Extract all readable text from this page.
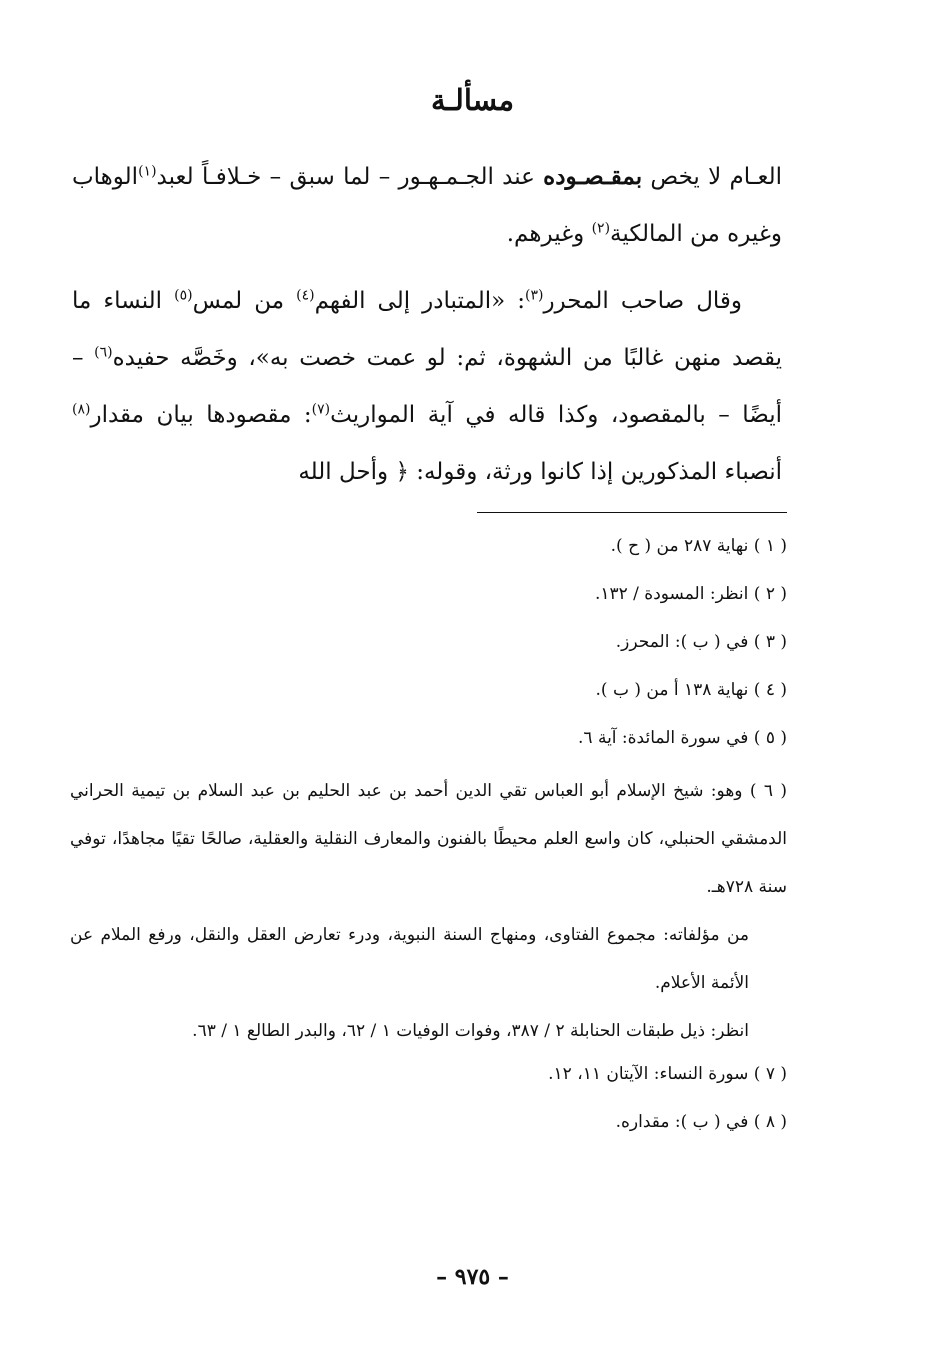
مسألـة

العـام لا يخص بمقـصـوده عند الجـمـهـور – لما سبق – خـلافـاً لعبد$^{(١)}$الوهاب وغيره من المالكية$^{(٢)}$ وغيرهم.

وقال صاحب المحرر$^{(٣)}$: «المتبادر إلى الفهم$^{(٤)}$ من لمس$^{(٥)}$ النساء ما يقصد منهن غالبًا من الشهوة، ثم: لو عمت خصت به»، وخَصَّه حفيده$^{(٦)}$ – أيضًا – بالمقصود، وكذا قاله في آية المواريث$^{(٧)}$: مقصودها بيان مقدار$^{(٨)}$ أنصباء المذكورين إذا كانوا ورثة، وقوله: ﴿ وأحل الله

( ١ ) نهاية ٢٨٧ من ( ح ).

( ٢ ) انظر: المسودة / ١٣٢.

( ٣ ) في ( ب ): المحرز.

( ٤ ) نهاية ١٣٨ أ من ( ب ).

( ٥ ) في سورة المائدة: آية ٦.

( ٦ ) وهو: شيخ الإسلام أبو العباس تقي الدين أحمد بن عبد الحليم بن عبد السلام بن تيمية الحراني الدمشقي الحنبلي، كان واسع العلم محيطًا بالفنون والمعارف النقلية والعقلية، صالحًا تقيًا مجاهدًا، توفي سنة ٧٢٨هـ.

من مؤلفاته: مجموع الفتاوى، ومنهاج السنة النبوية، ودرء تعارض العقل والنقل، ورفع الملام عن الأئمة الأعلام.

انظر: ذيل طبقات الحنابلة ٢ / ٣٨٧، وفوات الوفيات ١ / ٦٢، والبدر الطالع ١ / ٦٣.

( ٧ ) سورة النساء: الآيتان ١١، ١٢.

( ٨ ) في ( ب ): مقداره.

– ٩٧٥ –
